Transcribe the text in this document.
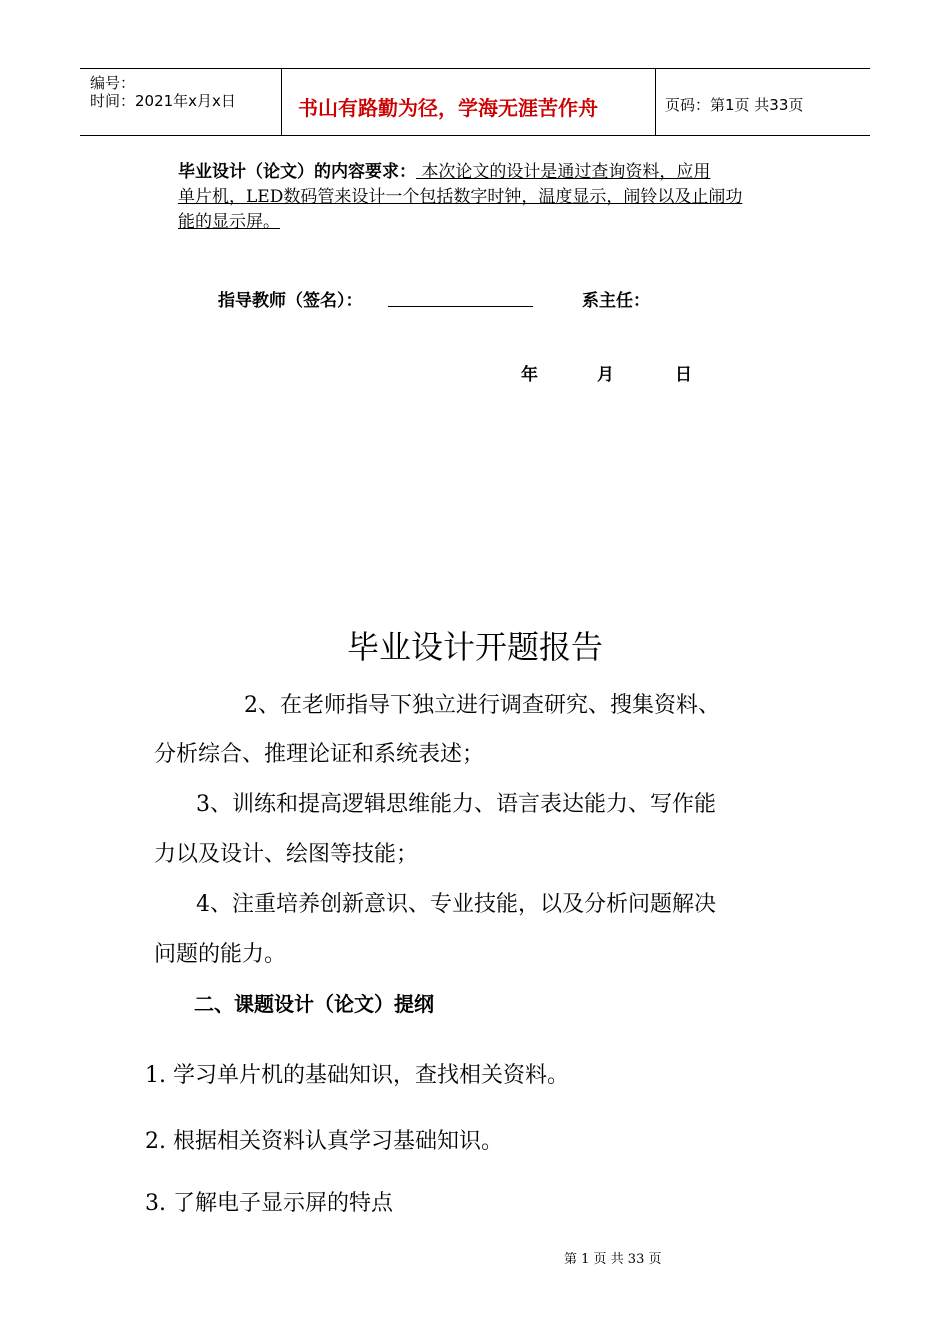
编号：
时间：2021年x月x日	书山有路勤为径，学海无涯苦作舟	页码：第1页 共33页
毕业设计（论文）的内容要求： 本次论文的设计是通过查询资料，应用
单片机，LED数码管来设计一个包括数字时钟，温度显示，闹铃以及止闹功
能的显示屏。
指导教师（签名）：	系主任：
年	月	日
毕业设计开题报告
2、在老师指导下独立进行调查研究、搜集资料、
分析综合、推理论证和系统表述；
3、训练和提高逻辑思维能力、语言表达能力、写作能
力以及设计、绘图等技能；
4、注重培养创新意识、专业技能，以及分析问题解决
问题的能力。
二、课题设计（论文）提纲
1. 学习单片机的基础知识，查找相关资料。
2. 根据相关资料认真学习基础知识。
3. 了解电子显示屏的特点
第 1 页 共 33 页
